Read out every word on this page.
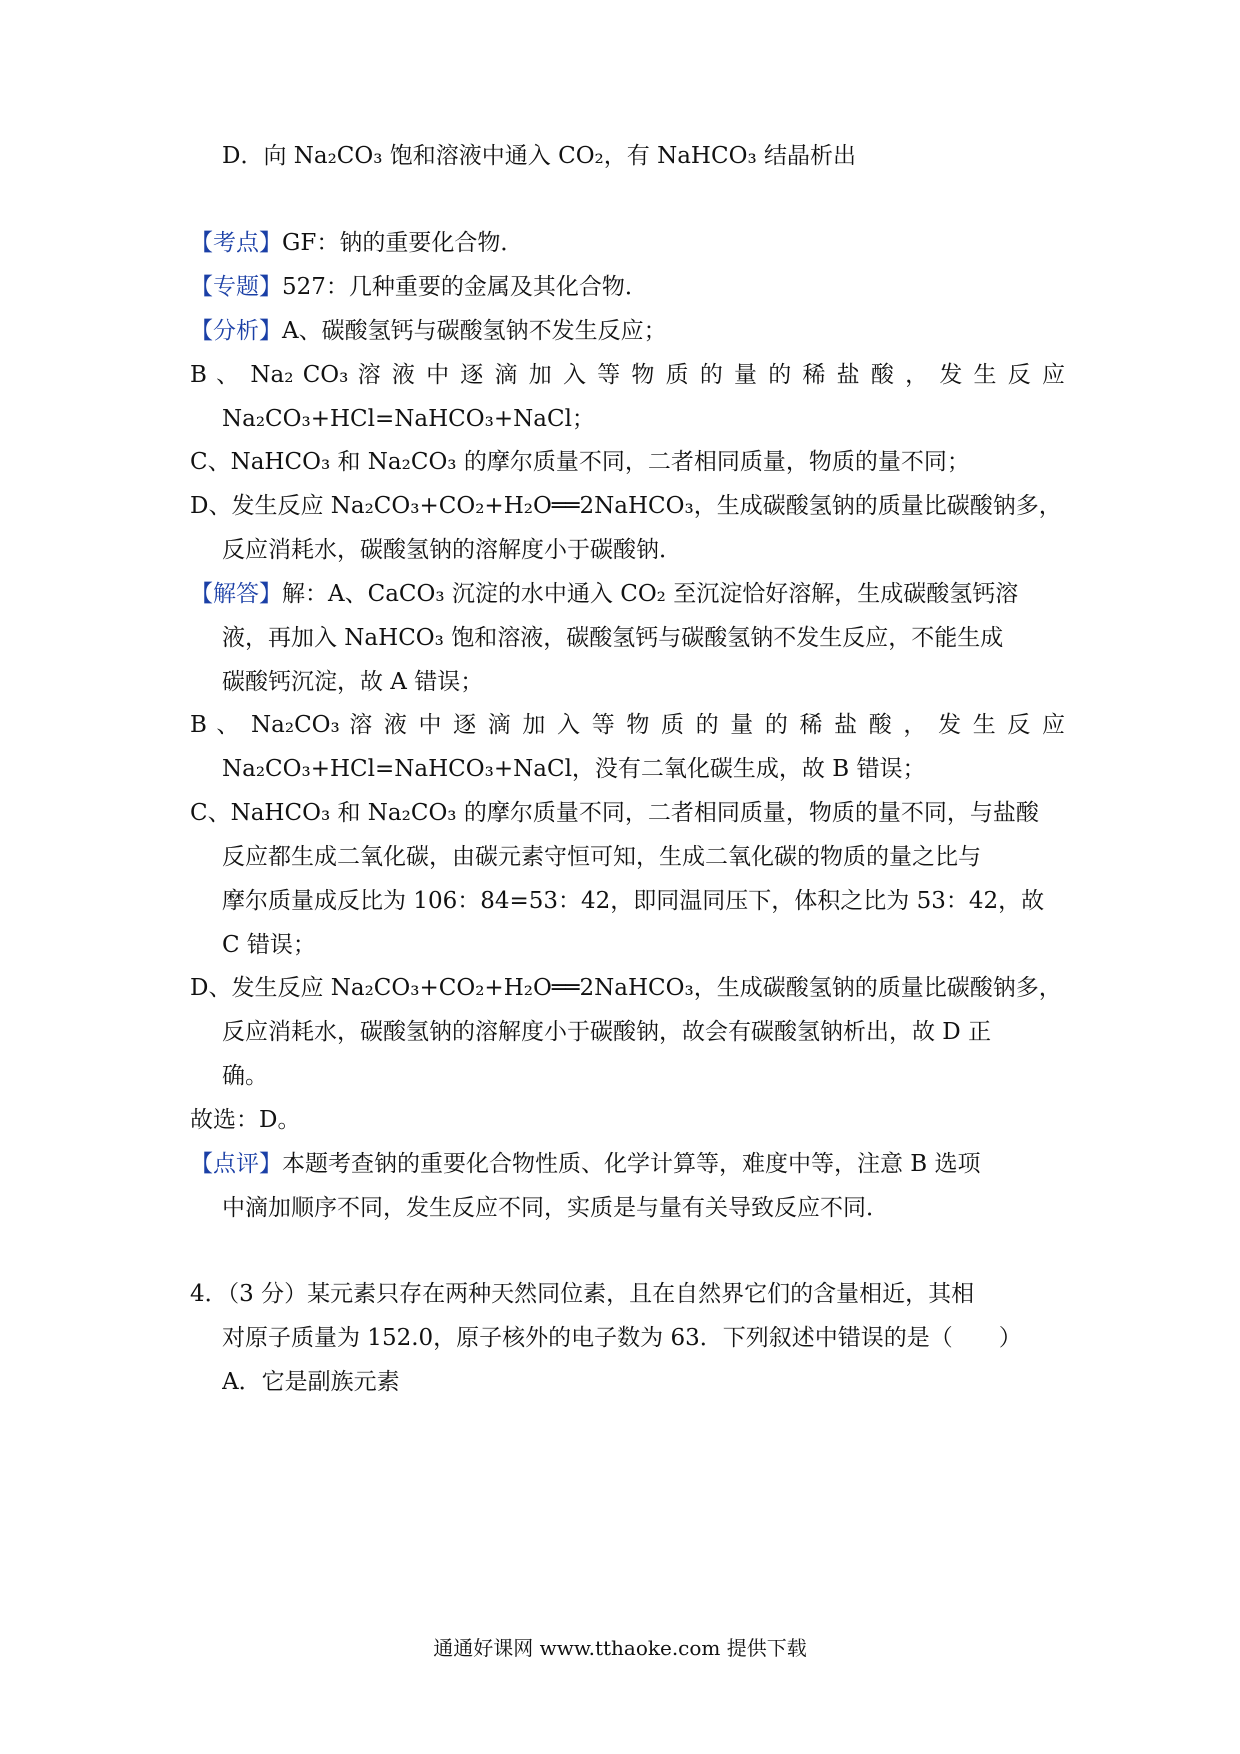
D．向 Na₂CO₃ 饱和溶液中通入 CO₂，有 NaHCO₃ 结晶析出
【考点】GF：钠的重要化合物．
【专题】527：几种重要的金属及其化合物．
【分析】A、碳酸氢钙与碳酸氢钠不发生反应；
B 、 Na₂ CO₃ 溶 液 中 逐 滴 加 入 等 物 质 的 量 的 稀 盐 酸 ， 发 生 反 应
Na₂CO₃+HCl=NaHCO₃+NaCl；
C、NaHCO₃ 和 Na₂CO₃ 的摩尔质量不同，二者相同质量，物质的量不同；
D、发生反应 Na₂CO₃+CO₂+H₂O══2NaHCO₃，生成碳酸氢钠的质量比碳酸钠多，
反应消耗水，碳酸氢钠的溶解度小于碳酸钠．
【解答】解：A、CaCO₃ 沉淀的水中通入 CO₂ 至沉淀恰好溶解，生成碳酸氢钙溶
液，再加入 NaHCO₃ 饱和溶液，碳酸氢钙与碳酸氢钠不发生反应，不能生成
碳酸钙沉淀，故 A 错误；
B 、 Na₂CO₃ 溶 液 中 逐 滴 加 入 等 物 质 的 量 的 稀 盐 酸 ， 发 生 反 应
Na₂CO₃+HCl=NaHCO₃+NaCl，没有二氧化碳生成，故 B 错误；
C、NaHCO₃ 和 Na₂CO₃ 的摩尔质量不同，二者相同质量，物质的量不同，与盐酸
反应都生成二氧化碳，由碳元素守恒可知，生成二氧化碳的物质的量之比与
摩尔质量成反比为 106：84=53：42，即同温同压下，体积之比为 53：42，故
C 错误；
D、发生反应 Na₂CO₃+CO₂+H₂O══2NaHCO₃，生成碳酸氢钠的质量比碳酸钠多，
反应消耗水，碳酸氢钠的溶解度小于碳酸钠，故会有碳酸氢钠析出，故 D 正
确。
故选：D。
【点评】本题考查钠的重要化合物性质、化学计算等，难度中等，注意 B 选项
中滴加顺序不同，发生反应不同，实质是与量有关导致反应不同．
4．（3 分）某元素只存在两种天然同位素，且在自然界它们的含量相近，其相
对原子质量为 152.0，原子核外的电子数为 63．下列叙述中错误的是（　　）
A．它是副族元素
通通好课网 www.tthaoke.com 提供下载
